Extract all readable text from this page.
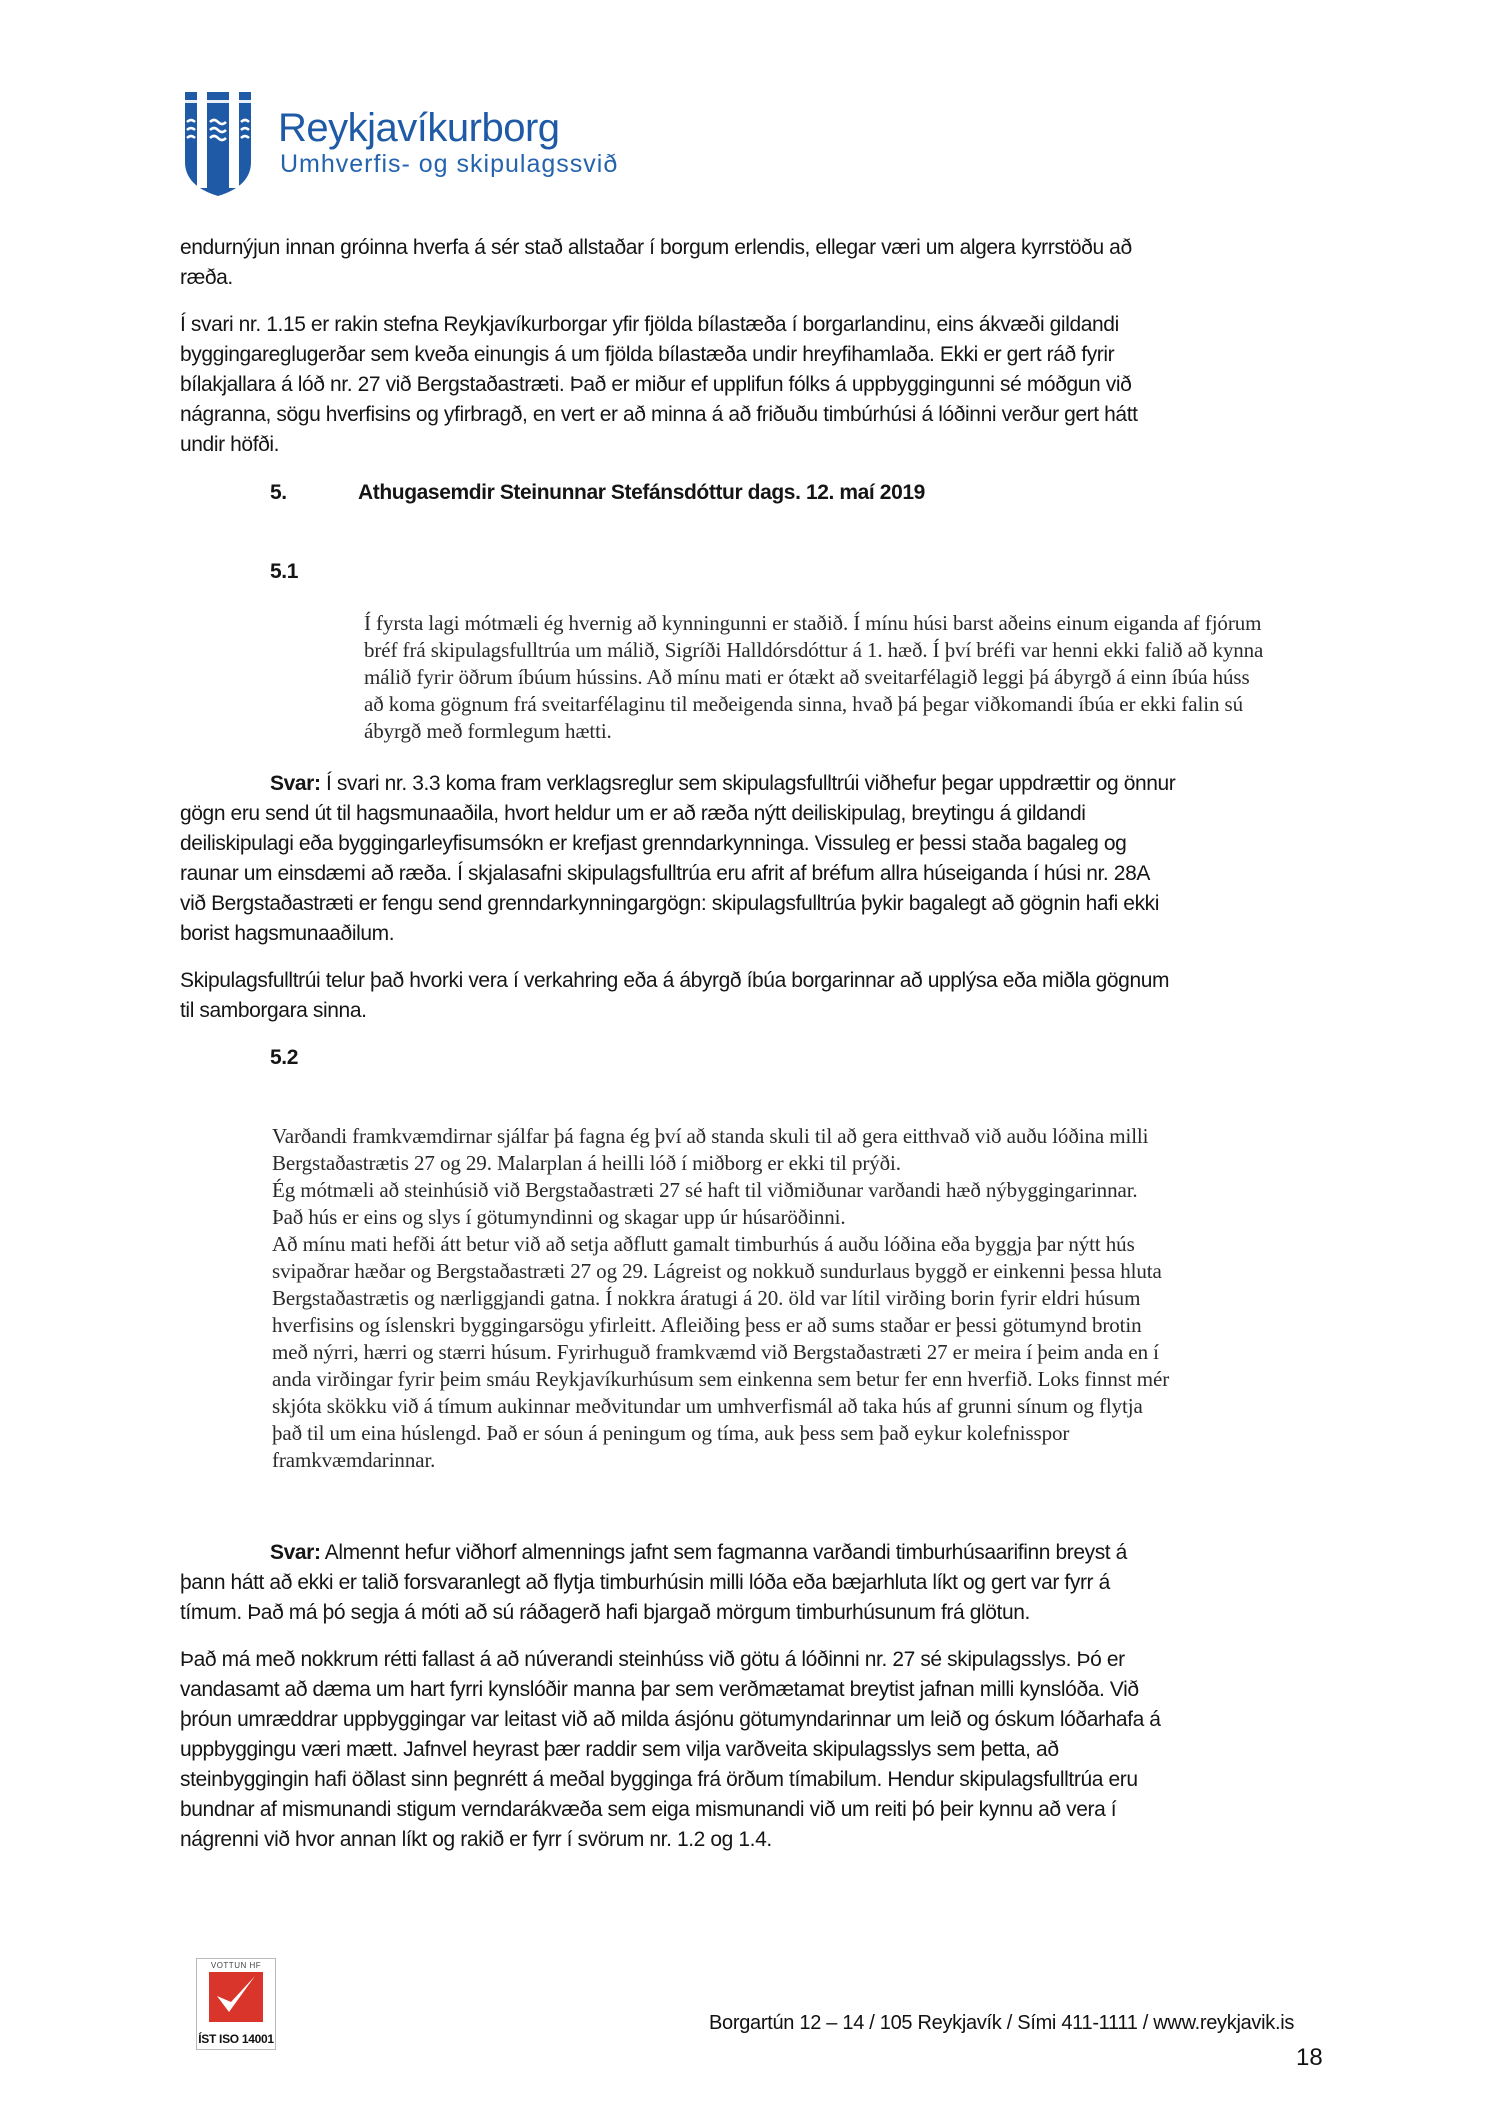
Reykjavíkurborg
Umhverfis- og skipulagssvið
endurnýjun innan gróinna hverfa á sér stað allstaðar í borgum erlendis, ellegar væri um algera kyrrstöðu að
ræða.
Í svari nr. 1.15 er rakin stefna Reykjavíkurborgar yfir fjölda bílastæða í borgarlandinu, eins ákvæði gildandi
byggingareglugerðar sem kveða einungis á um fjölda bílastæða undir hreyfihamlaða. Ekki er gert ráð fyrir
bílakjallara á lóð nr. 27 við Bergstaðastræti. Það er miður ef upplifun fólks á uppbyggingunni sé móðgun við
nágranna, sögu hverfisins og yfirbragð, en vert er að minna á að friðuðu timbúrhúsi á lóðinni verður gert hátt
undir höfði.
5.	Athugasemdir Steinunnar Stefánsdóttur dags. 12. maí 2019
5.1
Í fyrsta lagi mótmæli ég hvernig að kynningunni er staðið. Í mínu húsi barst aðeins einum eiganda af fjórum
bréf frá skipulagsfulltrúa um málið, Sigríði Halldórsdóttur á 1. hæð. Í því bréfi var henni ekki falið að kynna
málið fyrir öðrum íbúum hússins. Að mínu mati er ótækt að sveitarfélagið leggi þá ábyrgð á einn íbúa húss
að koma gögnum frá sveitarfélaginu til meðeigenda sinna, hvað þá þegar viðkomandi íbúa er ekki falin sú
ábyrgð með formlegum hætti.
Svar: Í svari nr. 3.3 koma fram verklagsreglur sem skipulagsfulltrúi viðhefur þegar uppdrættir og önnur
gögn eru send út til hagsmunaaðila, hvort heldur um er að ræða nýtt deiliskipulag, breytingu á gildandi
deiliskipulagi eða byggingarleyfisumsókn er krefjast grenndarkynninga. Vissuleg er þessi staða bagaleg og
raunar um einsdæmi að ræða. Í skjalasafni skipulagsfulltrúa eru afrit af bréfum allra húseiganda í húsi nr. 28A
við Bergstaðastræti er fengu send grenndarkynningargögn: skipulagsfulltrúa þykir bagalegt að gögnin hafi ekki
borist hagsmunaaðilum.
Skipulagsfulltrúi telur það hvorki vera í verkahring eða á ábyrgð íbúa borgarinnar að upplýsa eða miðla gögnum
til samborgara sinna.
5.2
Varðandi framkvæmdirnar sjálfar þá fagna ég því að standa skuli til að gera eitthvað við auðu lóðina milli
Bergstaðastrætis 27 og 29. Malarplan á heilli lóð í miðborg er ekki til prýði.
Ég mótmæli að steinhúsið við Bergstaðastræti 27 sé haft til viðmiðunar varðandi hæð nýbyggingarinnar.
Það hús er eins og slys í götumyndinni og skagar upp úr húsaröðinni.
Að mínu mati hefði átt betur við að setja aðflutt gamalt timburhús á auðu lóðina eða byggja þar nýtt hús
svipaðrar hæðar og Bergstaðastræti 27 og 29. Lágreist og nokkuð sundurlaus byggð er einkenni þessa hluta
Bergstaðastrætis og nærliggjandi gatna. Í nokkra áratugi á 20. öld var lítil virðing borin fyrir eldri húsum
hverfisins og íslenskri byggingarsögu yfirleitt. Afleiðing þess er að sums staðar er þessi götumynd brotin
með nýrri, hærri og stærri húsum. Fyrirhuguð framkvæmd við Bergstaðastræti 27 er meira í þeim anda en í
anda virðingar fyrir þeim smáu Reykjavíkurhúsum sem einkenna sem betur fer enn hverfið. Loks finnst mér
skjóta skökku við á tímum aukinnar meðvitundar um umhverfismál að taka hús af grunni sínum og flytja
það til um eina húslengd. Það er sóun á peningum og tíma, auk þess sem það eykur kolefnisspor
framkvæmdarinnar.
Svar: Almennt hefur viðhorf almennings jafnt sem fagmanna varðandi timburhúsaarifinn breyst á
þann hátt að ekki er talið forsvaranlegt að flytja timburhúsin milli lóða eða bæjarhluta líkt og gert var fyrr á
tímum. Það má þó segja á móti að sú ráðagerð hafi bjargað mörgum timburhúsunum frá glötun.
Það má með nokkrum rétti fallast á að núverandi steinhúss við götu á lóðinni nr. 27 sé skipulagsslys. Þó er
vandasamt að dæma um hart fyrri kynslóðir manna þar sem verðmætamat breytist jafnan milli kynslóða. Við
þróun umræddrar uppbyggingar var leitast við að milda ásjónu götumyndarinnar um leið og óskum lóðarhafa á
uppbyggingu væri mætt. Jafnvel heyrast þær raddir sem vilja varðveita skipulagsslys sem þetta, að
steinbyggingin hafi öðlast sinn þegnrétt á meðal bygginga frá örðum tímabilum. Hendur skipulagsfulltrúa eru
bundnar af mismunandi stigum verndarákvæða sem eiga mismunandi við um reiti þó þeir kynnu að vera í
nágrenni við hvor annan líkt og rakið er fyrr í svörum nr. 1.2 og 1.4.
VOTTUN HF
ÍST ISO 14001
Borgartún 12 – 14 / 105 Reykjavík / Sími 411-1111 / www.reykjavik.is
18
